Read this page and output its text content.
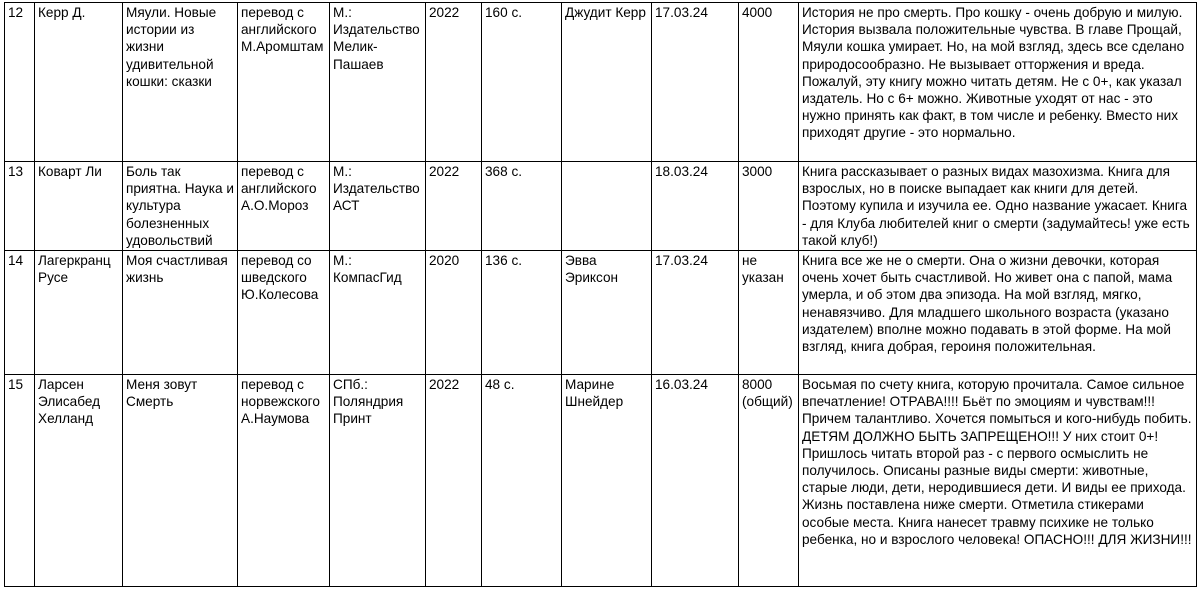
12	Керр Д.	Мяули. Новые истории из жизни удивительной кошки: сказки	перевод с английского М.Аромштам	М.: Издательство Мелик-Пашаев	2022	160 с.	Джудит Керр	17.03.24	4000	История не про смерть. Про кошку - очень добрую и милую. История вызвала положительные чувства. В главе Прощай, Мяули кошка умирает. Но, на мой взгляд, здесь все сделано природосообразно. Не вызывает отторжения и вреда. Пожалуй, эту книгу можно читать детям. Не с 0+, как указал издатель. Но с 6+ можно. Животные уходят от нас - это нужно принять как факт, в том числе и ребенку. Вместо них приходят другие - это нормально.
13	Коварт Ли	Боль так приятна. Наука и культура болезненных удовольствий	перевод с английского А.О.Мороз	М.: Издательство АСТ	2022	368 с.		18.03.24	3000	Книга рассказывает о разных видах мазохизма. Книга для взрослых, но в поиске выпадает как книги для детей. Поэтому купила и изучила ее. Одно название ужасает. Книга - для Клуба любителей книг о смерти (задумайтесь! уже есть такой клуб!)
14	Лагеркранц Русе	Моя счастливая жизнь	перевод со шведского Ю.Колесова	М.: КомпасГид	2020	136 с.	Эвва Эриксон	17.03.24	не указан	Книга все же не о смерти. Она о жизни девочки, которая очень хочет быть счастливой. Но живет она с папой, мама умерла, и об этом два эпизода. На мой взгляд, мягко, ненавязчиво. Для младшего школьного возраста (указано издателем) вполне можно подавать в этой форме. На мой взгляд, книга добрая, героиня положительная.
15	Ларсен Элисабед Хелланд	Меня зовут Смерть	перевод с норвежского А.Наумова	СПб.: Поляндрия Принт	2022	48 с.	Марине Шнейдер	16.03.24	8000 (общий)	Восьмая по счету книга, которую прочитала. Самое сильное впечатление! ОТРАВА!!!! Бьёт по эмоциям и чувствам!!! Причем талантливо. Хочется помыться и кого-нибудь побить. ДЕТЯМ ДОЛЖНО БЫТЬ ЗАПРЕЩЕНО!!! У них стоит 0+!
Пришлось читать второй раз - с первого осмыслить не получилось. Описаны разные виды смерти: животные, старые люди, дети, неродившиеся дети. И виды ее прихода. Жизнь поставлена ниже смерти. Отметила стикерами особые места. Книга нанесет травму психике не только ребенка, но и взрослого человека! ОПАСНО!!! ДЛЯ ЖИЗНИ!!!
